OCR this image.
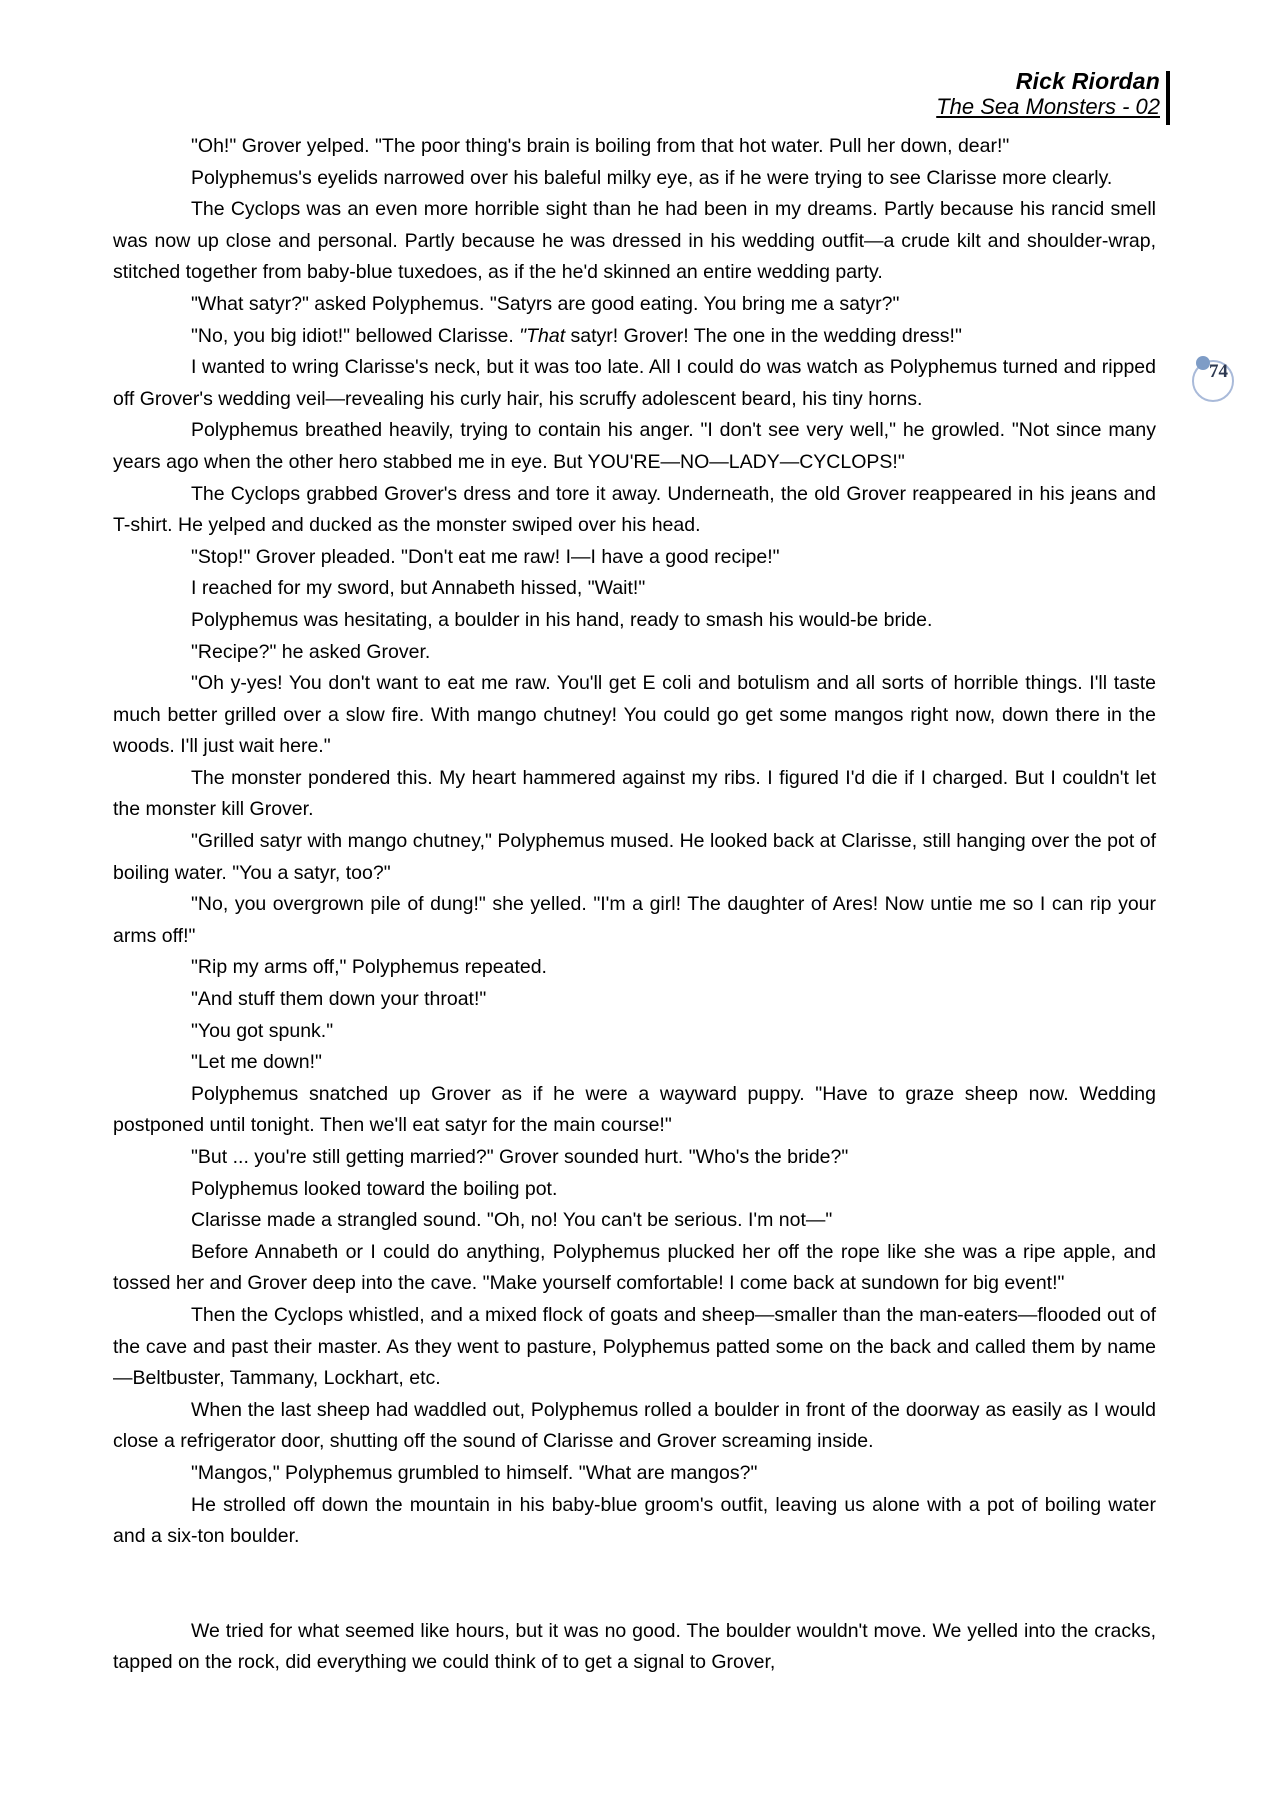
Rick Riordan
The Sea Monsters - 02
74

"Oh!" Grover yelped. "The poor thing's brain is boiling from that hot water. Pull her down, dear!"

Polyphemus's eyelids narrowed over his baleful milky eye, as if he were trying to see Clarisse more clearly.

The Cyclops was an even more horrible sight than he had been in my dreams. Partly because his rancid smell was now up close and personal. Partly because he was dressed in his wedding outfit—a crude kilt and shoulder-wrap, stitched together from baby-blue tuxedoes, as if the he'd skinned an entire wedding party.

"What satyr?" asked Polyphemus. "Satyrs are good eating. You bring me a satyr?"

"No, you big idiot!" bellowed Clarisse. "That satyr! Grover! The one in the wedding dress!"

I wanted to wring Clarisse's neck, but it was too late. All I could do was watch as Polyphemus turned and ripped off Grover's wedding veil—revealing his curly hair, his scruffy adolescent beard, his tiny horns.

Polyphemus breathed heavily, trying to contain his anger. "I don't see very well," he growled. "Not since many years ago when the other hero stabbed me in eye. But YOU'RE—NO—LADY—CYCLOPS!"

The Cyclops grabbed Grover's dress and tore it away. Underneath, the old Grover reappeared in his jeans and T-shirt. He yelped and ducked as the monster swiped over his head.

"Stop!" Grover pleaded. "Don't eat me raw! I—I have a good recipe!"

I reached for my sword, but Annabeth hissed, "Wait!"

Polyphemus was hesitating, a boulder in his hand, ready to smash his would-be bride.

"Recipe?" he asked Grover.

"Oh y-yes! You don't want to eat me raw. You'll get E coli and botulism and all sorts of horrible things. I'll taste much better grilled over a slow fire. With mango chutney! You could go get some mangos right now, down there in the woods. I'll just wait here."

The monster pondered this. My heart hammered against my ribs. I figured I'd die if I charged. But I couldn't let the monster kill Grover.

"Grilled satyr with mango chutney," Polyphemus mused. He looked back at Clarisse, still hanging over the pot of boiling water. "You a satyr, too?"

"No, you overgrown pile of dung!" she yelled. "I'm a girl! The daughter of Ares! Now untie me so I can rip your arms off!"

"Rip my arms off," Polyphemus repeated.

"And stuff them down your throat!"

"You got spunk."

"Let me down!"

Polyphemus snatched up Grover as if he were a wayward puppy. "Have to graze sheep now. Wedding postponed until tonight. Then we'll eat satyr for the main course!"

"But ... you're still getting married?" Grover sounded hurt. "Who's the bride?"

Polyphemus looked toward the boiling pot.

Clarisse made a strangled sound. "Oh, no! You can't be serious. I'm not—"

Before Annabeth or I could do anything, Polyphemus plucked her off the rope like she was a ripe apple, and tossed her and Grover deep into the cave. "Make yourself comfortable! I come back at sundown for big event!"

Then the Cyclops whistled, and a mixed flock of goats and sheep—smaller than the man-eaters—flooded out of the cave and past their master. As they went to pasture, Polyphemus patted some on the back and called them by name—Beltbuster, Tammany, Lockhart, etc.

When the last sheep had waddled out, Polyphemus rolled a boulder in front of the doorway as easily as I would close a refrigerator door, shutting off the sound of Clarisse and Grover screaming inside.

"Mangos," Polyphemus grumbled to himself. "What are mangos?"

He strolled off down the mountain in his baby-blue groom's outfit, leaving us alone with a pot of boiling water and a six-ton boulder.

We tried for what seemed like hours, but it was no good. The boulder wouldn't move. We yelled into the cracks, tapped on the rock, did everything we could think of to get a signal to Grover,
